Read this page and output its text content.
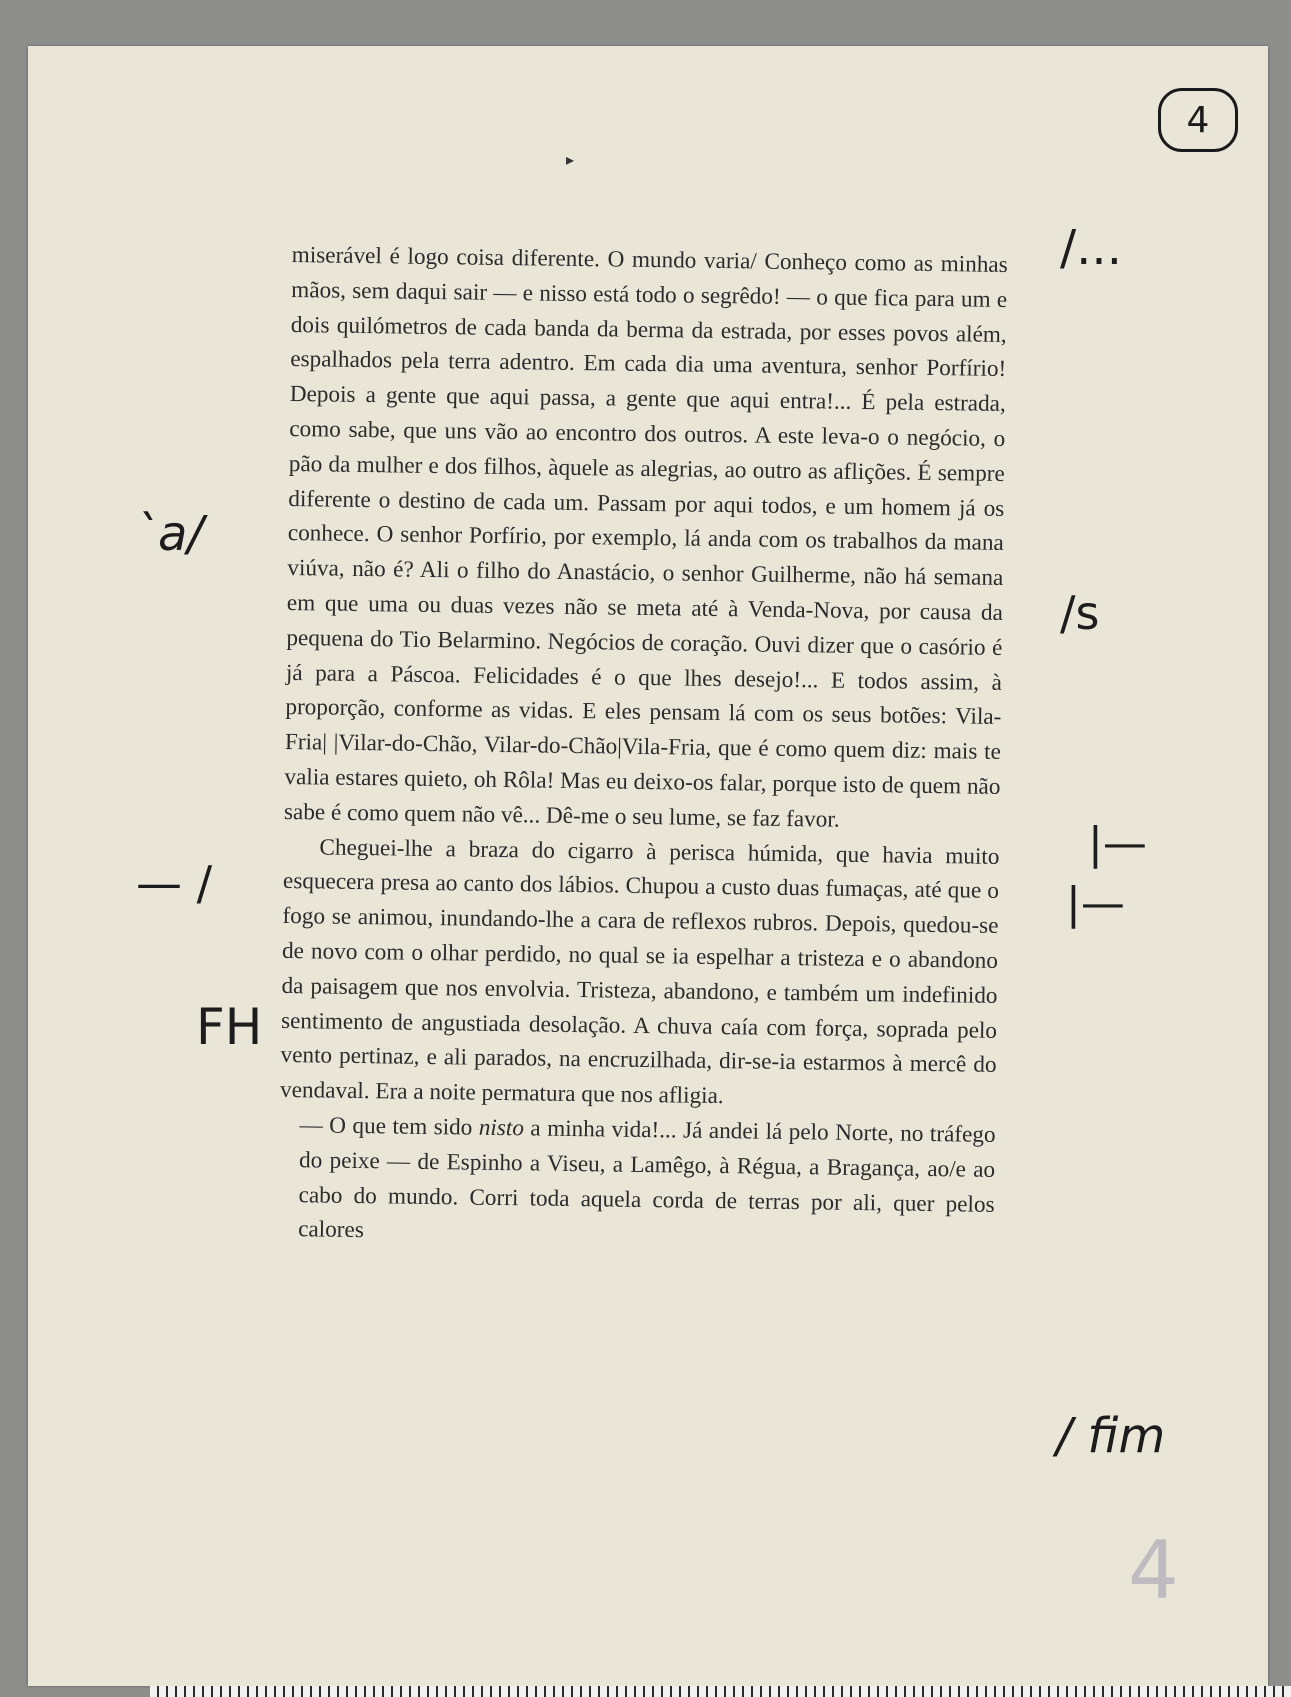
▸
4

miserável é logo coisa diferente. O mundo varia/ Conheço como as minhas mãos, sem daqui sair — e nisso está todo o segrêdo! — o que fica para um e dois quilómetros de cada banda da berma da estrada, por esses povos além, espalhados pela terra adentro. Em cada dia uma aventura, senhor Porfírio! Depois a gente que aqui passa, a gente que aqui entra!... É pela estrada, como sabe, que uns vão ao encontro dos outros. A este leva-o o negócio, o pão da mulher e dos filhos, àquele as alegrias, ao outro as aflições. É sempre diferente o destino de cada um. Passam por aqui todos, e um homem já os conhece. O senhor Porfírio, por exemplo, lá anda com os trabalhos da mana viúva, não é? Ali o filho do Anastácio, o senhor Guilherme, não há semana em que uma ou duas vezes não se meta até à Venda-Nova, por causa da pequena do Tio Belarmino. Negócios de coração. Ouvi dizer que o casório é já para a Páscoa. Felicidades é o que lhes desejo!... E todos assim, à proporção, conforme as vidas. E eles pensam lá com os seus botões: Vila-Fria| |Vilar-do-Chão, Vilar-do-Chão|Vila-Fria, que é como quem diz: mais te valia estares quieto, oh Rôla! Mas eu deixo-os falar, porque isto de quem não sabe é como quem não vê... Dê-me o seu lume, se faz favor.

Cheguei-lhe a braza do cigarro à perisca húmida, que havia muito esquecera presa ao canto dos lábios. Chupou a custo duas fumaças, até que o fogo se animou, inundando-lhe a cara de reflexos rubros. Depois, quedou-se de novo com o olhar perdido, no qual se ia espelhar a tristeza e o abandono da paisagem que nos envolvia. Tristeza, abandono, e também um indefinido sentimento de angustiada desolação. A chuva caía com força, soprada pelo vento pertinaz, e ali parados, na encruzilhada, dir-se-ia estarmos à mercê do vendaval. Era a noite permatura que nos afligia.

— O que tem sido nisto a minha vida!... Já andei lá pelo Norte, no tráfego do peixe — de Espinho a Viseu, a Lamêgo, à Régua, a Bragança, ao/e ao cabo do mundo. Corri toda aquela corda de terras por ali, quer pelos calores

`a/
— /
FH
/...
/s
|—
|—
/ fim
4
